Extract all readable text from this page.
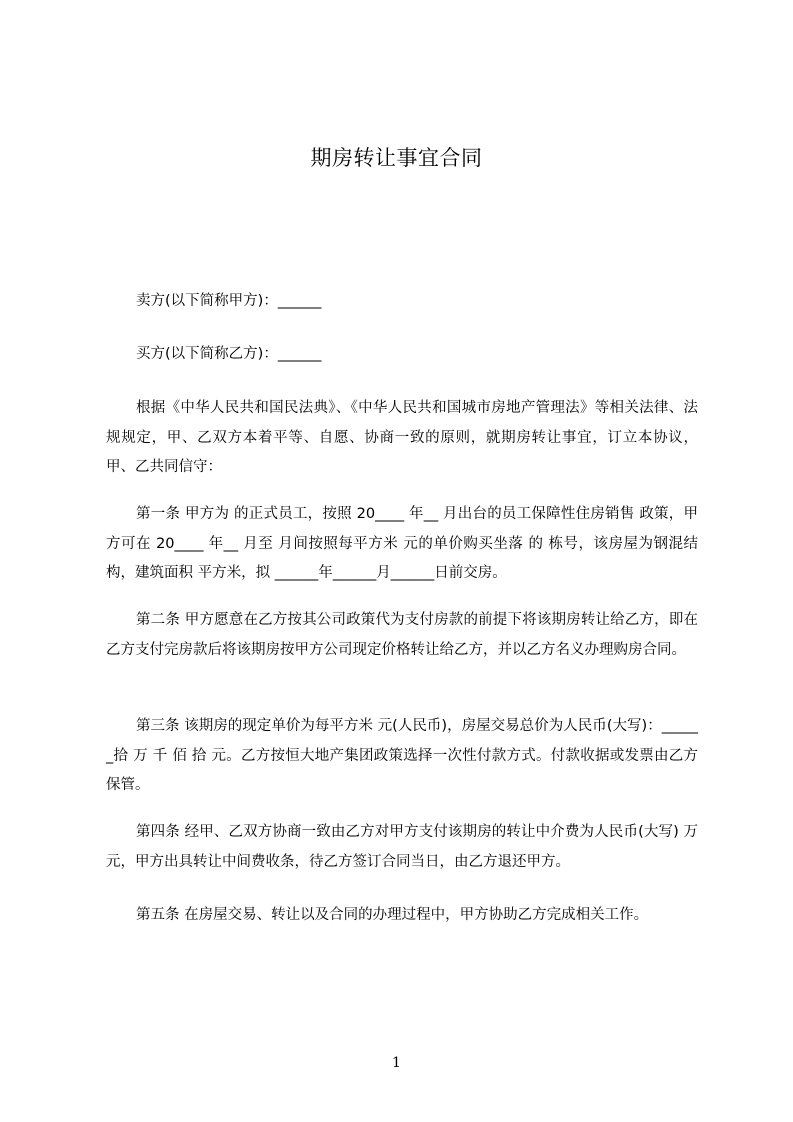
期房转让事宜合同

卖方(以下简称甲方)：______

买方(以下简称乙方)：______

根据《中华人民共和国民法典》、《中华人民共和国城市房地产管理法》等相关法律、法规规定，甲、乙双方本着平等、自愿、协商一致的原则，就期房转让事宜，订立本协议，甲、乙共同信守：

第一条 甲方为 的正式员工，按照 20____ 年__ 月出台的员工保障性住房销售 政策，甲方可在 20____ 年__ 月至 月间按照每平方米 元的单价购买坐落 的 栋号，该房屋为钢混结构，建筑面积 平方米，拟 ______年______月______日前交房。

第二条 甲方愿意在乙方按其公司政策代为支付房款的前提下将该期房转让给乙方，即在乙方支付完房款后将该期房按甲方公司现定价格转让给乙方，并以乙方名义办理购房合同。

第三条 该期房的现定单价为每平方米 元(人民币)，房屋交易总价为人民币(大写)：______拾 万 千 佰 拾 元。乙方按恒大地产集团政策选择一次性付款方式。付款收据或发票由乙方保管。

第四条 经甲、乙双方协商一致由乙方对甲方支付该期房的转让中介费为人民币(大写) 万元，甲方出具转让中间费收条，待乙方签订合同当日，由乙方退还甲方。

第五条 在房屋交易、转让以及合同的办理过程中，甲方协助乙方完成相关工作。

1
